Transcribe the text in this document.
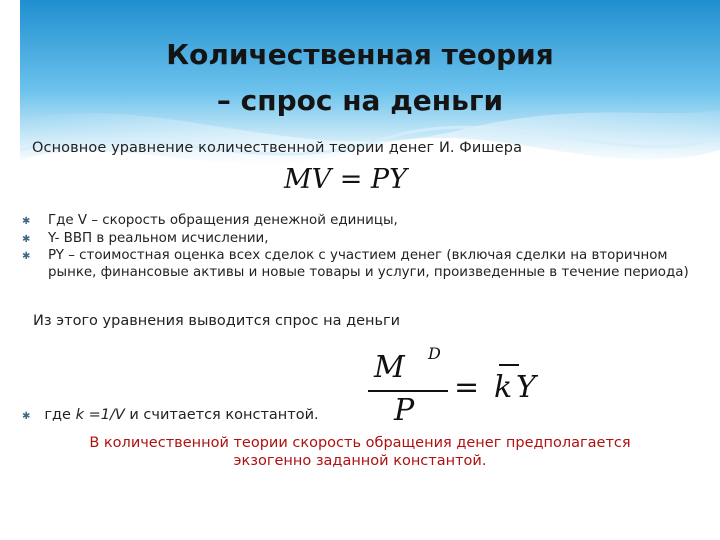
Количественная теория
– спрос на деньги
Основное уравнение количественной теории денег И. Фишера
MV = PY
✱ Где V – скорость обращения денежной единицы,
✱ Y- ВВП в реальном исчислении,
✱ PY – стоимостная оценка всех сделок с участием денег (включая сделки на вторичном рынке, финансовые активы и новые товары и услуги, произведенные в течение периода)
Из этого уравнения выводится спрос на деньги
M D
P
= k Y
✱ где k =1/V и считается константой.
В количественной теории скорость обращения денег предполагается
экзогенно заданной константой.
